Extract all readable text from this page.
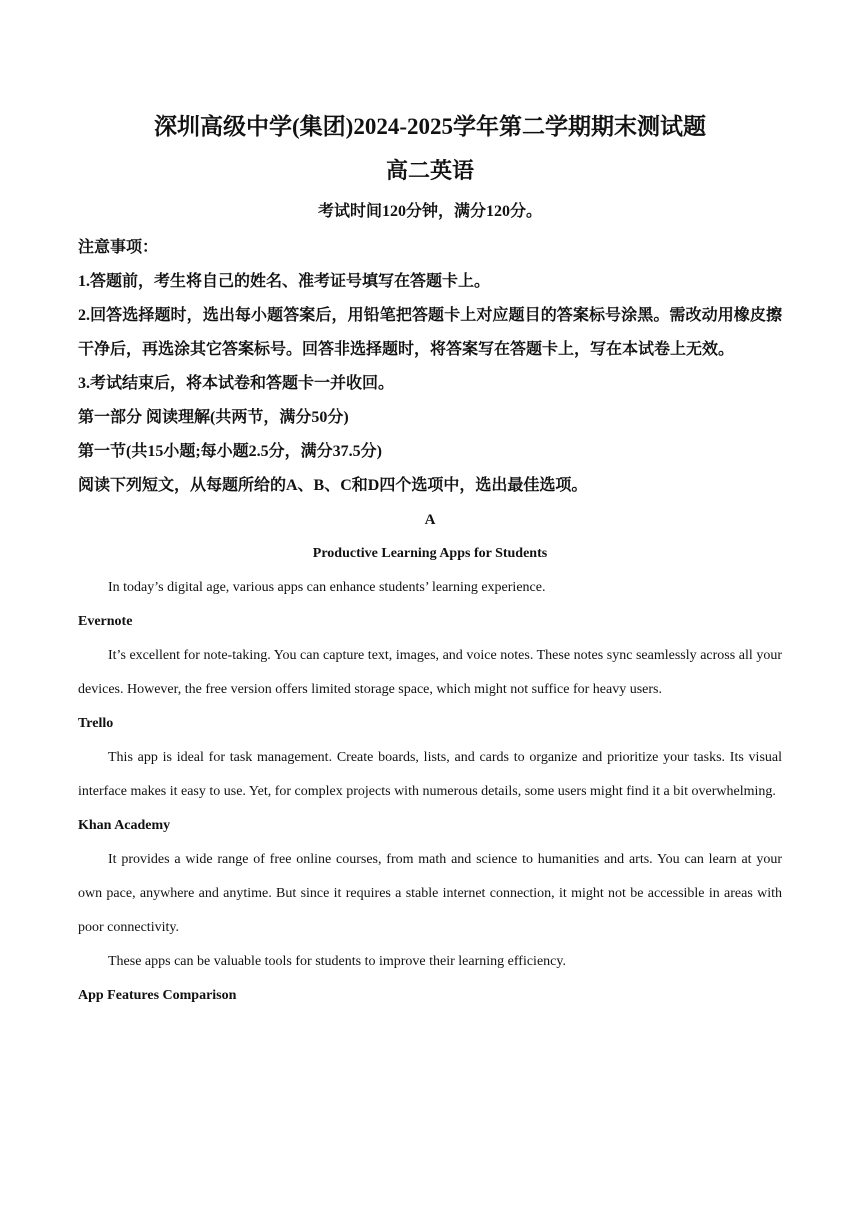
深圳高级中学(集团)2024-2025学年第二学期期末测试题
高二英语
考试时间120分钟，满分120分。

注意事项：

1.答题前，考生将自己的姓名、准考证号填写在答题卡上。

2.回答选择题时，选出每小题答案后，用铅笔把答题卡上对应题目的答案标号涂黑。需改动用橡皮擦干净后，再选涂其它答案标号。回答非选择题时，将答案写在答题卡上，写在本试卷上无效。

3.考试结束后，将本试卷和答题卡一并收回。

第一部分 阅读理解(共两节，满分50分)

第一节(共15小题;每小题2.5分，满分37.5分)

阅读下列短文，从每题所给的A、B、C和D四个选项中，选出最佳选项。

A

Productive Learning Apps for Students

In today’s digital age, various apps can enhance students’ learning experience.

Evernote

It’s excellent for note-taking. You can capture text, images, and voice notes. These notes sync seamlessly across all your devices. However, the free version offers limited storage space, which might not suffice for heavy users.

Trello

This app is ideal for task management. Create boards, lists, and cards to organize and prioritize your tasks. Its visual interface makes it easy to use. Yet, for complex projects with numerous details, some users might find it a bit overwhelming.

Khan Academy

It provides a wide range of free online courses, from math and science to humanities and arts. You can learn at your own pace, anywhere and anytime. But since it requires a stable internet connection, it might not be accessible in areas with poor connectivity.

These apps can be valuable tools for students to improve their learning efficiency.

App Features Comparison
